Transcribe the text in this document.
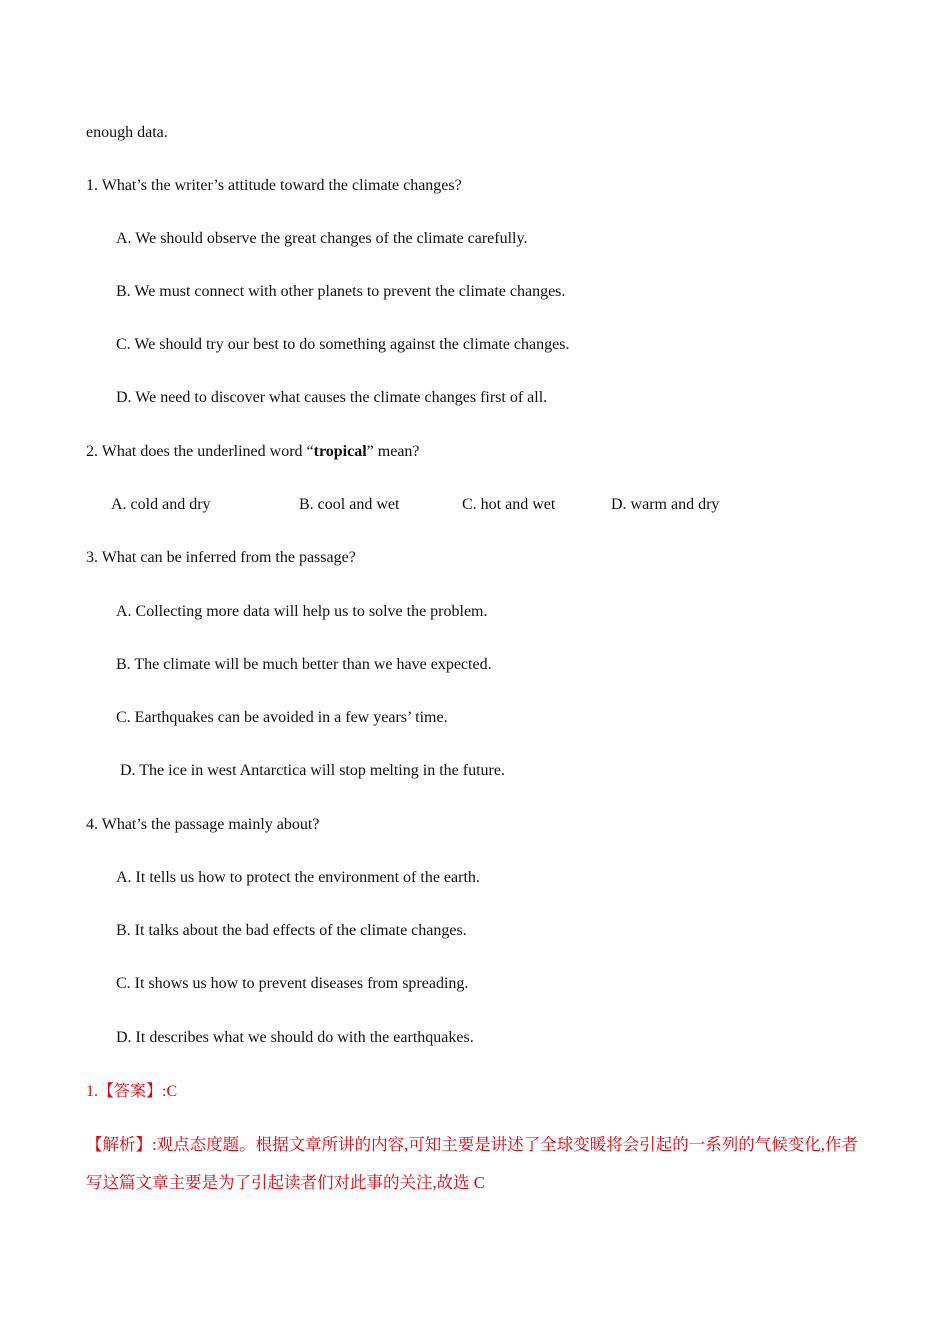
enough data.
1. What’s the writer’s attitude toward the climate changes?
A. We should observe the great changes of the climate carefully.
B. We must connect with other planets to prevent the climate changes.
C. We should try our best to do something against the climate changes.
D. We need to discover what causes the climate changes first of all.
2. What does the underlined word “tropical” mean?
A. cold and dry	B. cool and wet	C. hot and wet	D. warm and dry
3. What can be inferred from the passage?
A. Collecting more data will help us to solve the problem.
B. The climate will be much better than we have expected.
C. Earthquakes can be avoided in a few years’ time.
D. The ice in west Antarctica will stop melting in the future.
4. What’s the passage mainly about?
A. It tells us how to protect the environment of the earth.
B. It talks about the bad effects of the climate changes.
C. It shows us how to prevent diseases from spreading.
D. It describes what we should do with the earthquakes.
1.【答案】:C
【解析】:观点态度题。根据文章所讲的内容,可知主要是讲述了全球变暖将会引起的一系列的气候变化,作者写这篇文章主要是为了引起读者们对此事的关注,故选 C
